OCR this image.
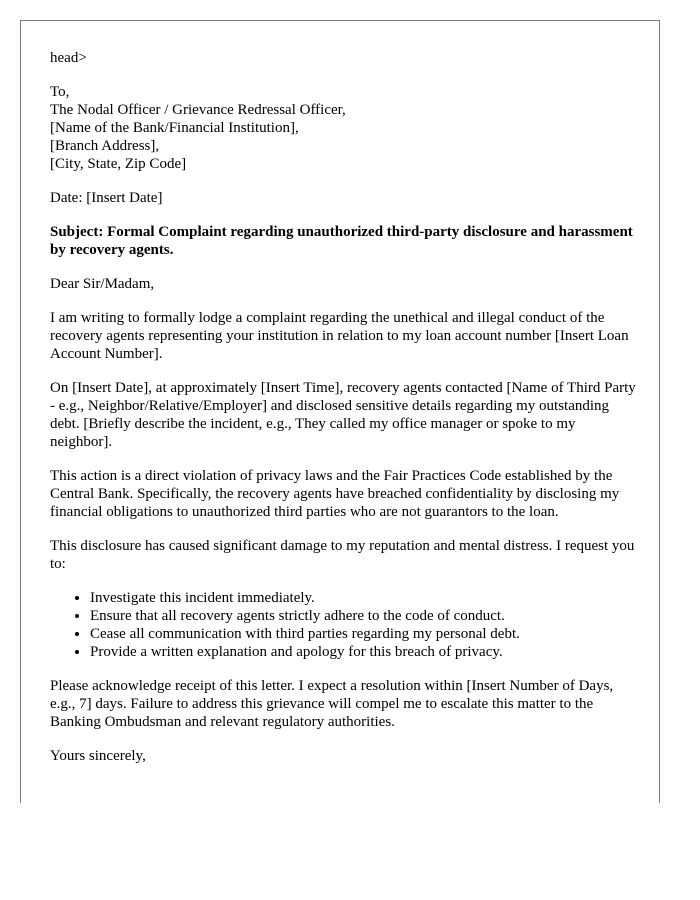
head>

To,
The Nodal Officer / Grievance Redressal Officer,
[Name of the Bank/Financial Institution],
[Branch Address],
[City, State, Zip Code]

Date: [Insert Date]

Subject: Formal Complaint regarding unauthorized third-party disclosure and harassment by recovery agents.

Dear Sir/Madam,

I am writing to formally lodge a complaint regarding the unethical and illegal conduct of the recovery agents representing your institution in relation to my loan account number [Insert Loan Account Number].

On [Insert Date], at approximately [Insert Time], recovery agents contacted [Name of Third Party - e.g., Neighbor/Relative/Employer] and disclosed sensitive details regarding my outstanding debt. [Briefly describe the incident, e.g., They called my office manager or spoke to my neighbor].

This action is a direct violation of privacy laws and the Fair Practices Code established by the Central Bank. Specifically, the recovery agents have breached confidentiality by disclosing my financial obligations to unauthorized third parties who are not guarantors to the loan.

This disclosure has caused significant damage to my reputation and mental distress. I request you to:

• Investigate this incident immediately.
• Ensure that all recovery agents strictly adhere to the code of conduct.
• Cease all communication with third parties regarding my personal debt.
• Provide a written explanation and apology for this breach of privacy.

Please acknowledge receipt of this letter. I expect a resolution within [Insert Number of Days, e.g., 7] days. Failure to address this grievance will compel me to escalate this matter to the Banking Ombudsman and relevant regulatory authorities.

Yours sincerely,
